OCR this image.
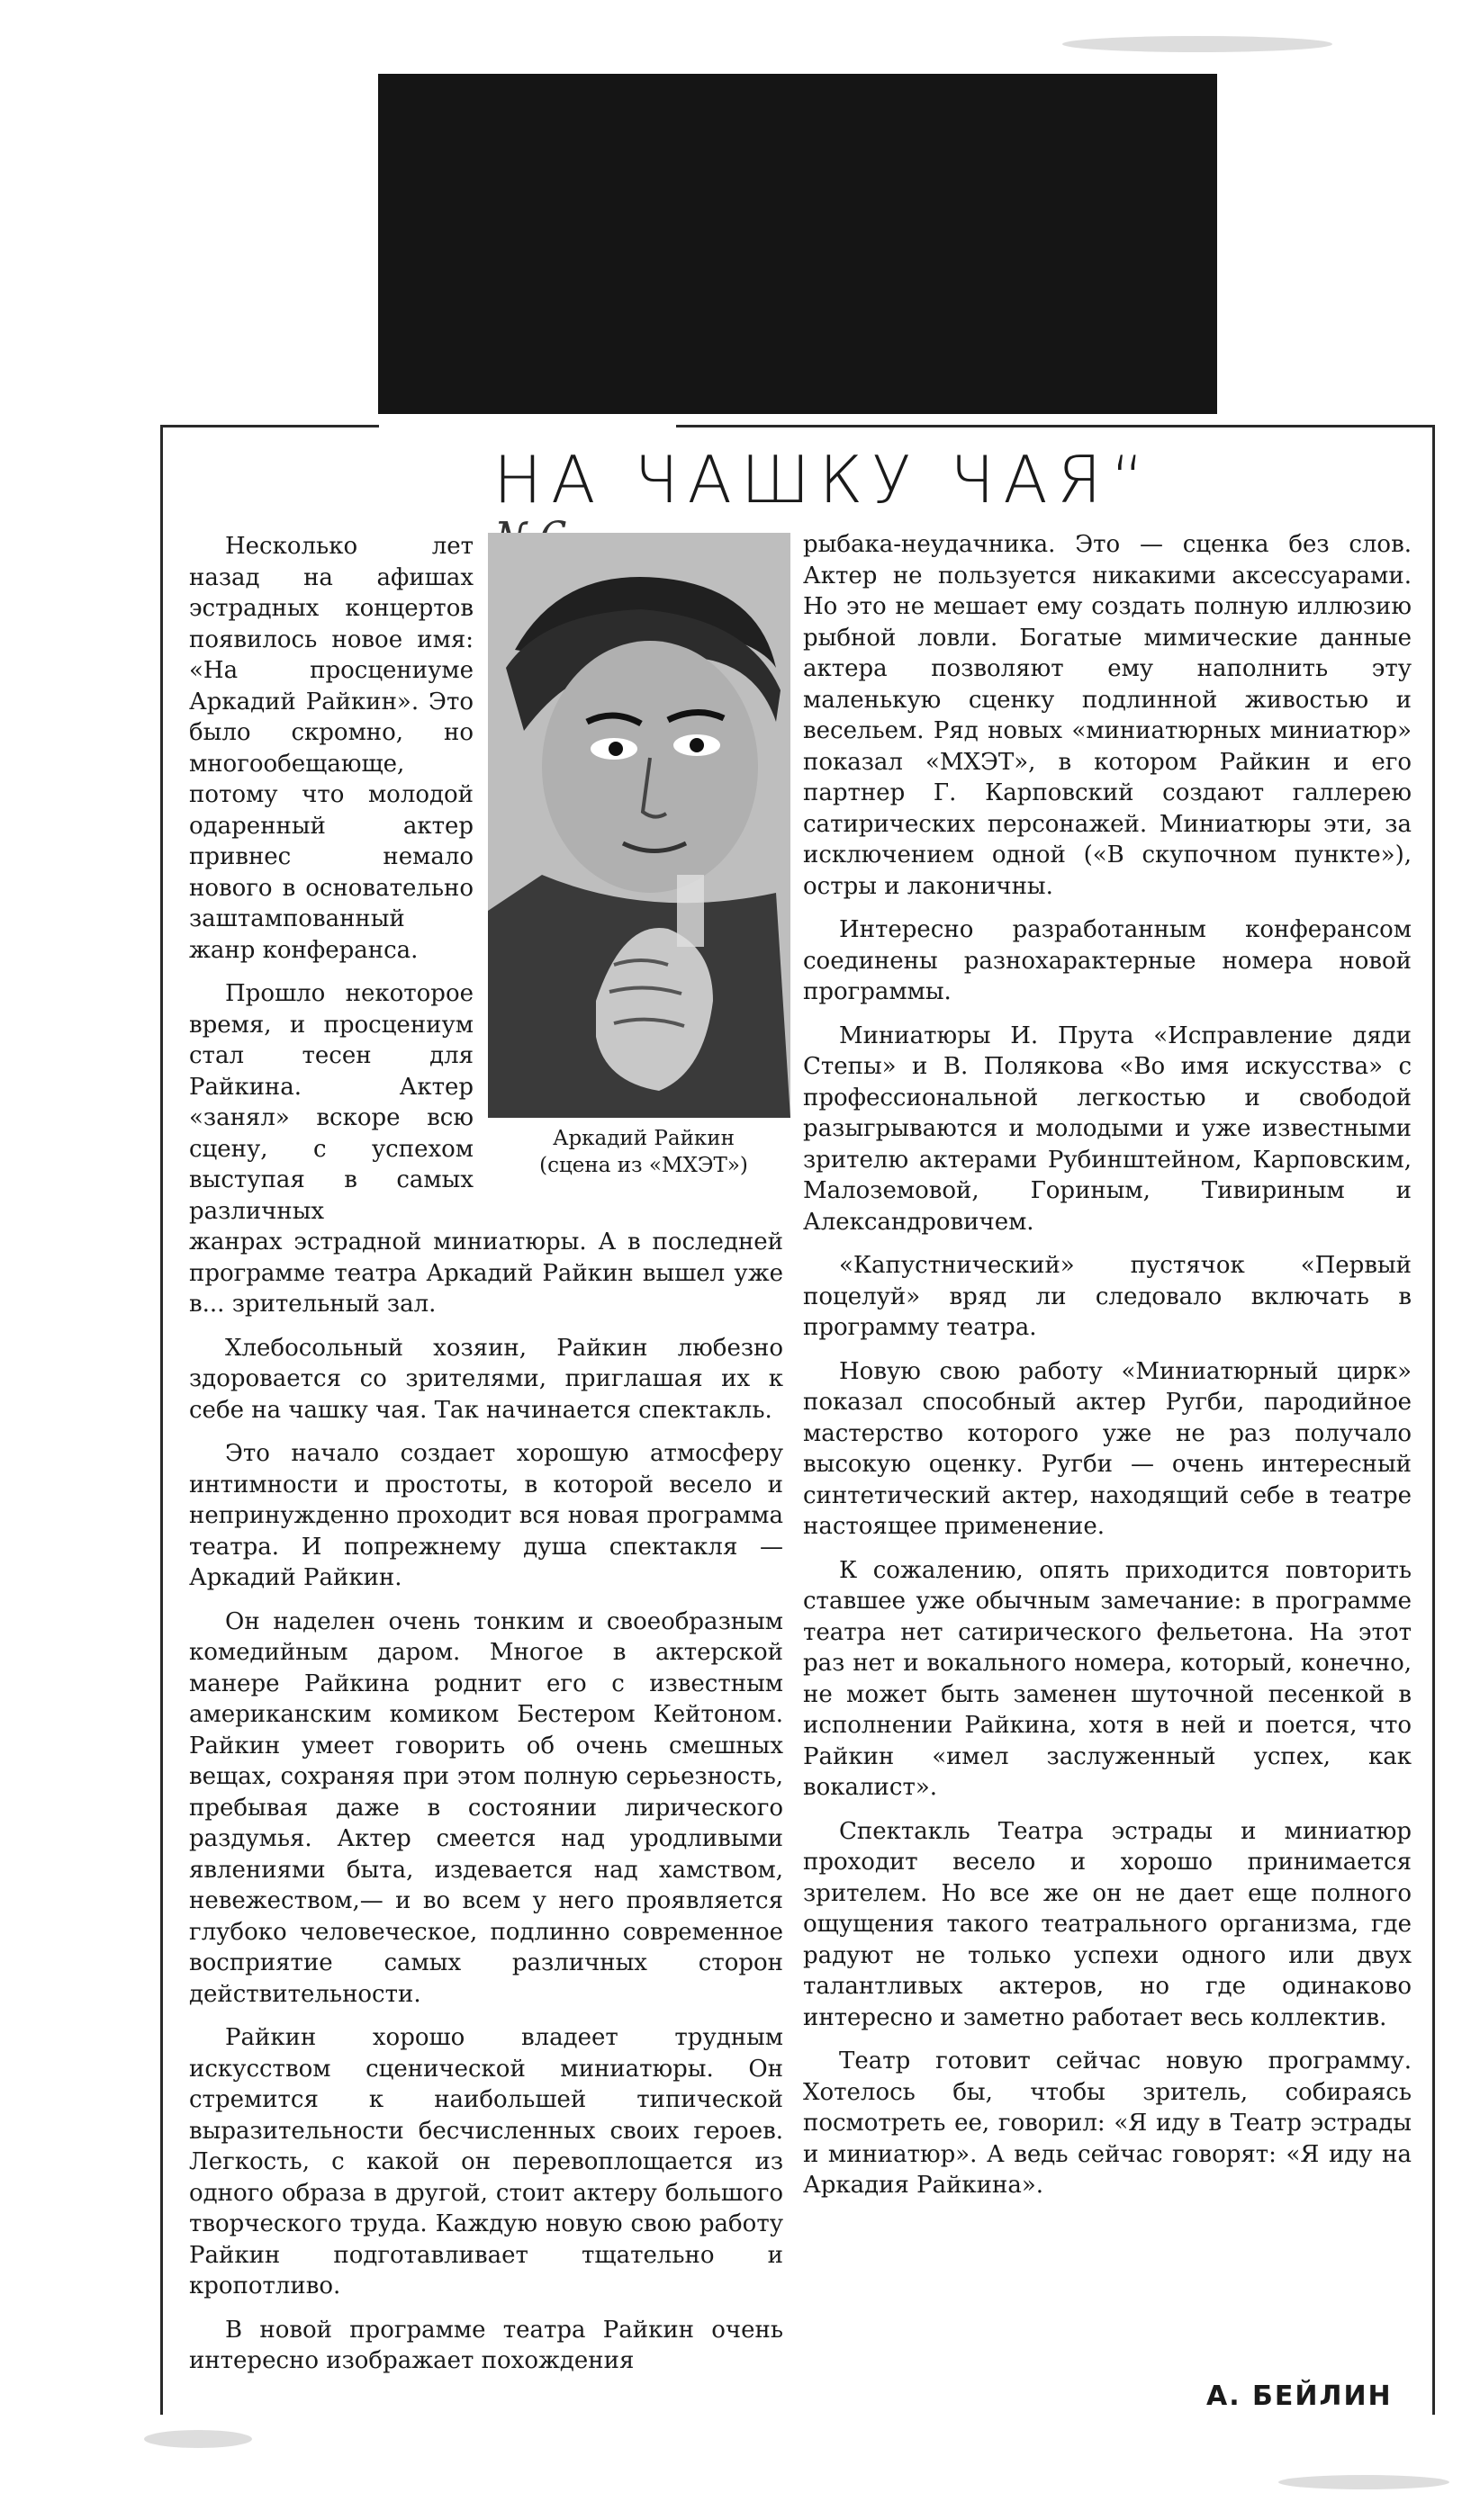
НА ЧАШКУ ЧАЯ“

Аркадий Райкин

(сцена из «МХЭТ»)

Несколько лет назад на афишах эстрадных концертов появилось новое имя: «На просцениуме Аркадий Райкин». Это было скромно, но многообещающе, потому что молодой одаренный актер привнес немало нового в основательно заштампованный жанр конферанса.

Прошло некоторое время, и просцениум стал тесен для Райкина. Актер «занял» вскоре всю сцену, с успехом выступая в самых различных

жанрах эстрадной миниатюры. А в последней программе театра Аркадий Райкин вышел уже в... зрительный зал.

Хлебосольный хозяин, Райкин любезно здоровается со зрителями, приглашая их к себе на чашку чая. Так начинается спектакль.

Это начало создает хорошую атмосферу интимности и простоты, в которой весело и непринужденно проходит вся новая программа театра. И попрежнему душа спектакля — Аркадий Райкин.

Он наделен очень тонким и своеобразным комедийным даром. Многое в актерской манере Райкина роднит его с известным американским комиком Бестером Кейтоном. Райкин умеет говорить об очень смешных вещах, сохраняя при этом полную серьезность, пребывая даже в состоянии лирического раздумья. Актер смеется над уродливыми явлениями быта, издевается над хамством, невежеством,— и во всем у него проявляется глубоко человеческое, подлинно современное восприятие самых различных сторон действительности.

Райкин хорошо владеет трудным искусством сценической миниатюры. Он стремится к наибольшей типической выразительности бесчисленных своих героев. Легкость, с какой он перевоплощается из одного образа в другой, стоит актеру большого творческого труда. Каждую новую свою работу Райкин подготавливает тщательно и кропотливо.

В новой программе театра Райкин очень интересно изображает похождения

рыбака-неудачника. Это — сценка без слов. Актер не пользуется никакими аксессуарами. Но это не мешает ему создать полную иллюзию рыбной ловли. Богатые мимические данные актера позволяют ему наполнить эту маленькую сценку подлинной живостью и весельем. Ряд новых «миниатюрных миниатюр» показал «МХЭТ», в котором Райкин и его партнер Г. Карповский создают галлерею сатирических персонажей. Миниатюры эти, за исключением одной («В скупочном пункте»), остры и лаконичны.

Интересно разработанным конферансом соединены разнохарактерные номера новой программы.

Миниатюры И. Прута «Исправление дяди Степы» и В. Полякова «Во имя искусства» с профессиональной легкостью и свободой разыгрываются и молодыми и уже известными зрителю актерами Рубинштейном, Карповским, Малоземовой, Гориным, Тивириным и Александровичем.

«Капустнический» пустячок «Первый поцелуй» вряд ли следовало включать в программу театра.

Новую свою работу «Миниатюрный цирк» показал способный актер Ругби, пародийное мастерство которого уже не раз получало высокую оценку. Ругби — очень интересный синтетический актер, находящий себе в театре настоящее применение.

К сожалению, опять приходится повторить ставшее уже обычным замечание: в программе театра нет сатирического фельетона. На этот раз нет и вокального номера, который, конечно, не может быть заменен шуточной песенкой в исполнении Райкина, хотя в ней и поется, что Райкин «имел заслуженный успех, как вокалист».

Спектакль Театра эстрады и миниатюр проходит весело и хорошо принимается зрителем. Но все же он не дает еще полного ощущения такого театрального организма, где радуют не только успехи одного или двух талантливых актеров, но где одинаково интересно и заметно работает весь коллектив.

Театр готовит сейчас новую программу. Хотелось бы, чтобы зритель, собираясь посмотреть ее, говорил: «Я иду в Театр эстрады и миниатюр». А ведь сейчас говорят: «Я иду на Аркадия Райкина».

А. БЕЙЛИН
